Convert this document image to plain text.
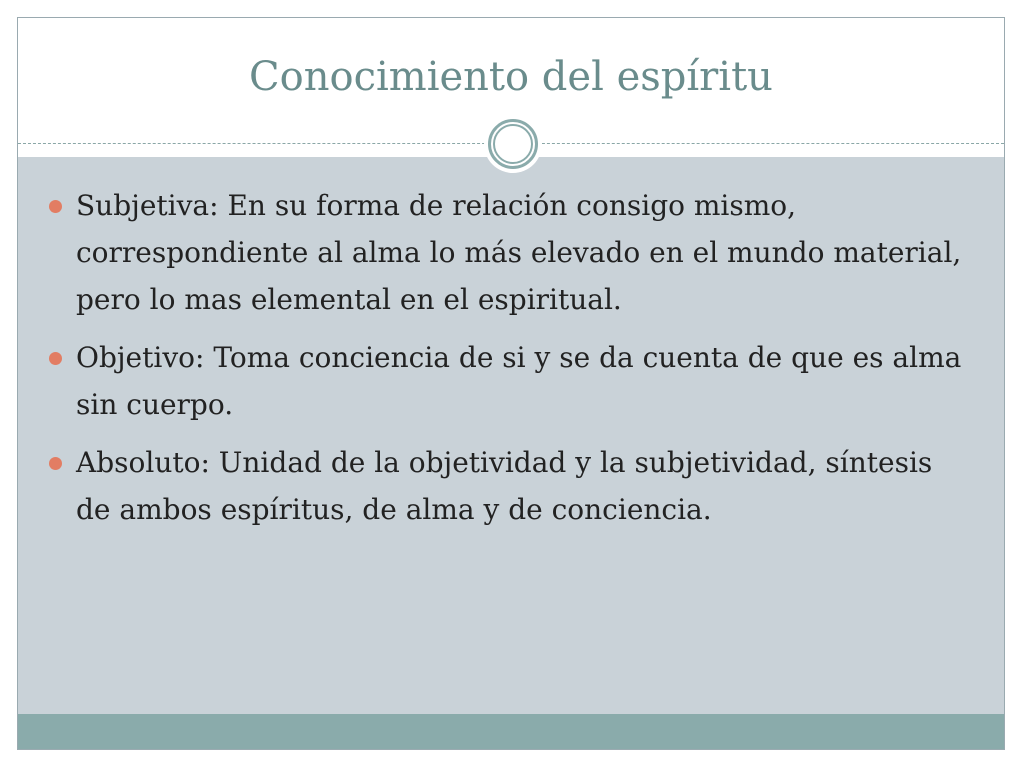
Conocimiento del espíritu
Subjetiva: En su forma de relación consigo mismo, correspondiente al alma lo más elevado en el mundo material, pero lo mas elemental en el espiritual.
Objetivo: Toma conciencia de si y se da cuenta de que es alma sin cuerpo.
Absoluto: Unidad de la objetividad y la subjetividad, síntesis de ambos espíritus, de alma y de conciencia.
